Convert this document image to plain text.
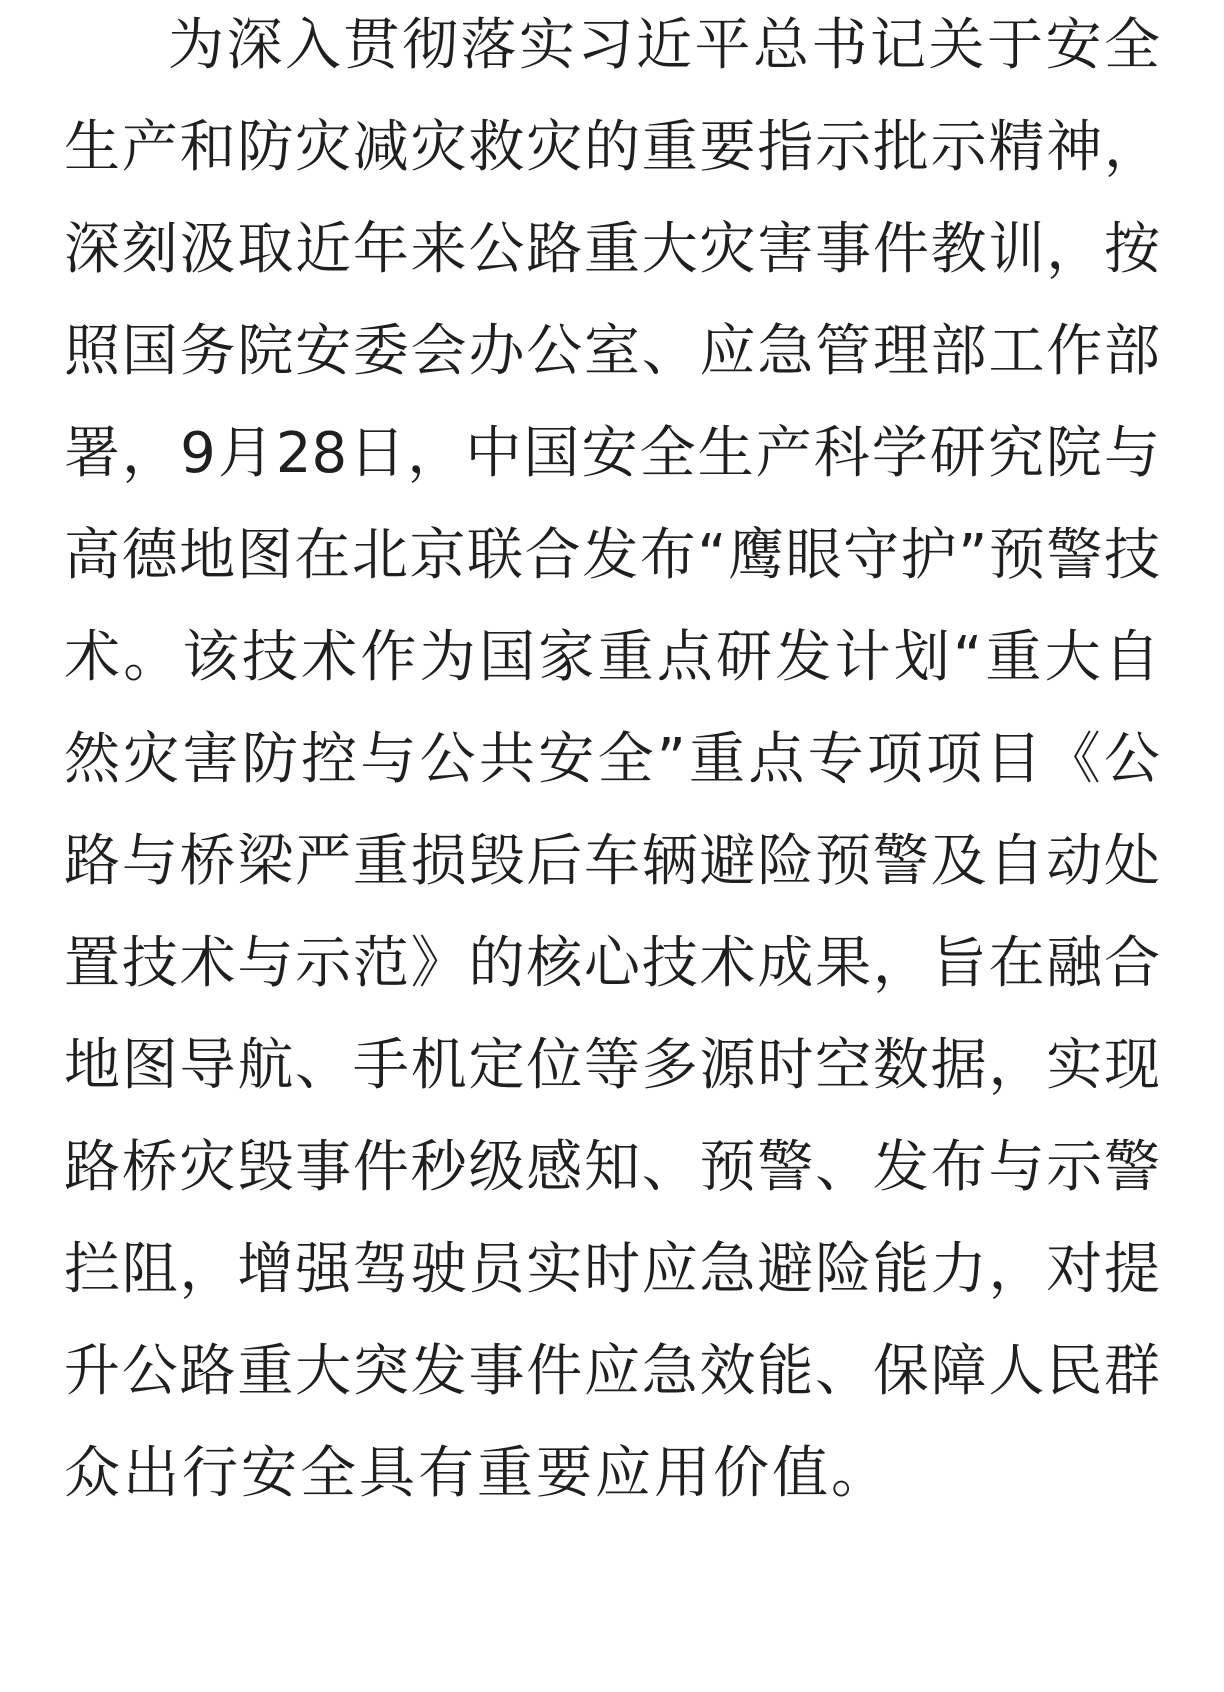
为深入贯彻落实习近平总书记关于安全
生产和防灾减灾救灾的重要指示批示精神，
深刻汲取近年来公路重大灾害事件教训，按
照国务院安委会办公室、应急管理部工作部
署，9月28日，中国安全生产科学研究院与
高德地图在北京联合发布“鹰眼守护”预警技
术。该技术作为国家重点研发计划“重大自
然灾害防控与公共安全”重点专项项目《公
路与桥梁严重损毁后车辆避险预警及自动处
置技术与示范》的核心技术成果，旨在融合
地图导航、手机定位等多源时空数据，实现
路桥灾毁事件秒级感知、预警、发布与示警
拦阻，增强驾驶员实时应急避险能力，对提
升公路重大突发事件应急效能、保障人民群
众出行安全具有重要应用价值。
